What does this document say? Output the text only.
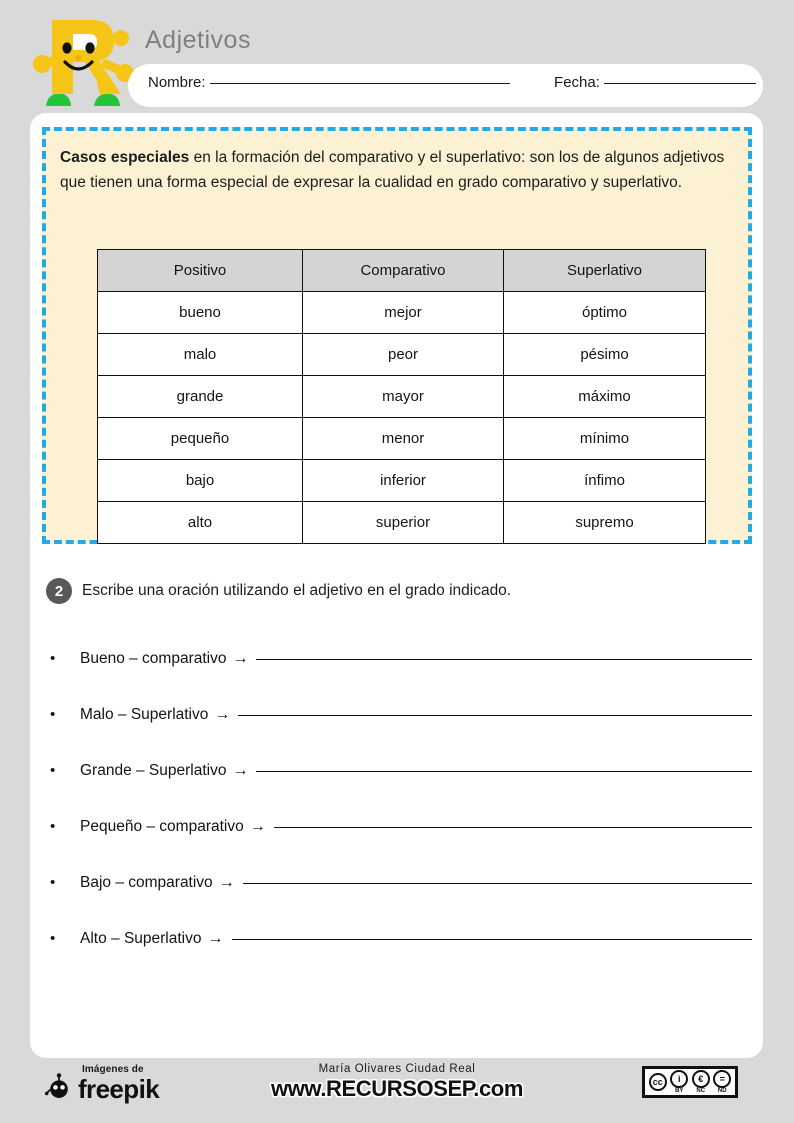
Adjetivos
Nombre:	Fecha:
Casos especiales en la formación del comparativo y el superlativo: son los de algunos adjetivos que tienen una forma especial de expresar la cualidad en grado comparativo y superlativo.
Positivo	Comparativo	Superlativo
bueno	mejor	óptimo
malo	peor	pésimo
grande	mayor	máximo
pequeño	menor	mínimo
bajo	inferior	ínfimo
alto	superior	supremo
2	Escribe una oración utilizando el adjetivo en el grado indicado.
•	Bueno – comparativo →
•	Malo – Superlativo →
•	Grande – Superlativo →
•	Pequeño – comparativo →
•	Bajo – comparativo →
•	Alto – Superlativo →
Imágenes de
freepik
María Olivares Ciudad Real
www.RECURSOSEP.com	cc	i
BY
€
NC
=
ND
